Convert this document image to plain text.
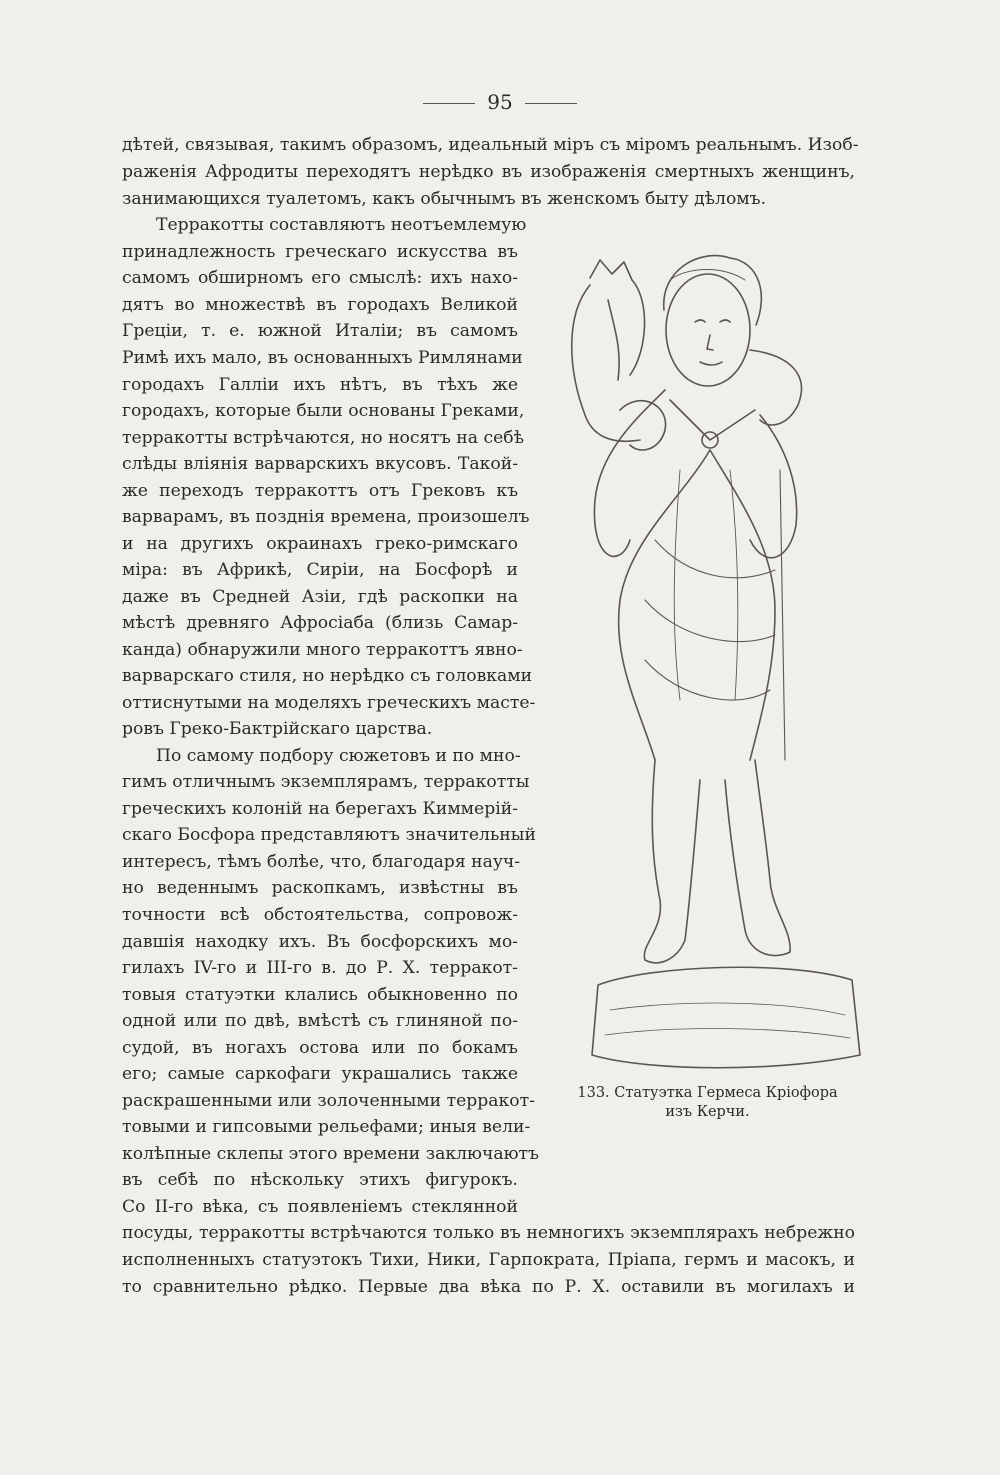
95
дѣтей, связывая, такимъ образомъ, идеальный міръ съ міромъ реальнымъ. Изоб-
раженія Афродиты переходятъ нерѣдко въ изображенія смертныхъ женщинъ,
занимающихся туалетомъ, какъ обычнымъ въ женскомъ быту дѣломъ.
Терракотты составляютъ неотъемлемую
принадлежность греческаго искусства въ
самомъ обширномъ его смыслѣ: ихъ нахо-
дятъ во множествѣ въ городахъ Великой
Греціи, т. е. южной Италіи; въ самомъ
Римѣ ихъ мало, въ основанныхъ Римлянами
городахъ Галліи ихъ нѣтъ, въ тѣхъ же
городахъ, которые были основаны Греками,
терракотты встрѣчаются, но носятъ на себѣ
слѣды вліянія варварскихъ вкусовъ. Такой-
же переходъ терракоттъ отъ Грековъ къ
варварамъ, въ позднія времена, произошелъ
и на другихъ окраинахъ греко-римскаго
міра: въ Африкѣ, Сиріи, на Босфорѣ и
даже въ Средней Азіи, гдѣ раскопки на
мѣстѣ древняго Афросіаба (близь Самар-
канда) обнаружили много терракоттъ явно-
варварскаго стиля, но нерѣдко съ головками
оттиснутыми на моделяхъ греческихъ масте-
ровъ Греко-Бактрійскаго царства.
По самому подбору сюжетовъ и по мно-
гимъ отличнымъ экземплярамъ, терракотты
греческихъ колоній на берегахъ Киммерій-
скаго Босфора представляютъ значительный
интересъ, тѣмъ болѣе, что, благодаря науч-
но веденнымъ раскопкамъ, извѣстны въ
точности всѣ обстоятельства, сопровож-
давшія находку ихъ. Въ босфорскихъ мо-
гилахъ IV-го и III-го в. до Р. Х. терракот-
товыя статуэтки клались обыкновенно по
одной или по двѣ, вмѣстѣ съ глиняной по-
судой, въ ногахъ остова или по бокамъ
его; самые саркофаги украшались также
раскрашенными или золоченными терракот-
товыми и гипсовыми рельефами; иныя вели-
колѣпные склепы этого времени заключаютъ
въ себѣ по нѣскольку этихъ фигурокъ.
Со II-го вѣка, съ появленіемъ стеклянной
посуды, терракотты встрѣчаются только въ немногихъ экземплярахъ небрежно
исполненныхъ статуэтокъ Тихи, Ники, Гарпократа, Пріапа, гермъ и масокъ, и
то сравнительно рѣдко. Первые два вѣка по Р. Х. оставили въ могилахъ и
133. Статуэтка Гермеса Кріофора
изъ Керчи.
